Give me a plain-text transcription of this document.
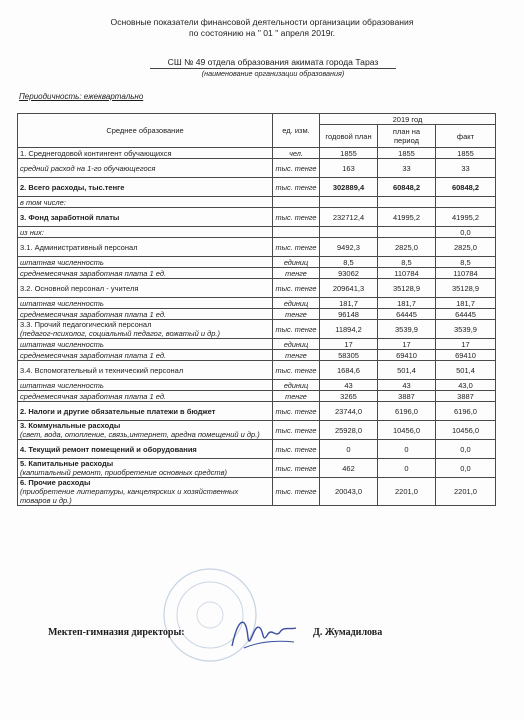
Основные показатели финансовой деятельности организации образования
по состоянию на " 01 " апреля 2019г.
СШ № 49 отдела образования акимата города Тараз
(наименование организации образования)
Периодичность: ежеквартально
Среднее образование	ед. изм.	2019 год		
		годовой план	план на период	факт
1. Среднегодовой контингент обучающихся	чел.	1855	1855	1855
средний расход на 1-го обучающегося	тыс. тенге	163	33	33
2. Всего расходы, тыс.тенге	тыс. тенге	302889,4	60848,2	60848,2
в том числе:				
3. Фонд заработной платы	тыс. тенге	232712,4	41995,2	41995,2
из них:				0,0
3.1. Административный персонал	тыс. тенге	9492,3	2825,0	2825,0
штатная численность	единиц	8,5	8,5	8,5
среднемесячная заработная плата 1 ед.	тенге	93062	110784	110784
3.2. Основной персонал - учителя	тыс. тенге	209641,3	35128,9	35128,9
штатная численность	единиц	181,7	181,7	181,7
среднемесячная заработная плата 1 ед.	тенге	96148	64445	64445
3.3. Прочий педагогический персонал
(педагог-психолог, социальный педагог, вожатый и др.)	тыс. тенге	11894,2	3539,9	3539,9
штатная численность	единиц	17	17	17
среднемесячная заработная плата 1 ед.	тенге	58305	69410	69410
3.4. Вспомогательный и технический персонал	тыс. тенге	1684,6	501,4	501,4
штатная численность	единиц	43	43	43,0
среднемесячная заработная плата 1 ед.	тенге	3265	3887	3887
2. Налоги и другие обязательные платежи в бюджет	тыс. тенге	23744,0	6196,0	6196,0
3. Коммунальные расходы
(свет, вода, отопление, связь,интернет, аредна помещений и др.)	тыс. тенге	25928,0	10456,0	10456,0
4. Текущий ремонт помещений и оборудования	тыс. тенге	0	0	0,0
5. Капитальные расходы
(капитальный ремонт, приобретение основных средств)	тыс. тенге	462	0	0,0
6. Прочие расходы
(приобретение литературы, канцелярских и хозяйственных товаров и др.)	тыс. тенге	20043,0	2201,0	2201,0
Мектеп-гимназия директоры:	Д. Жумадилова
